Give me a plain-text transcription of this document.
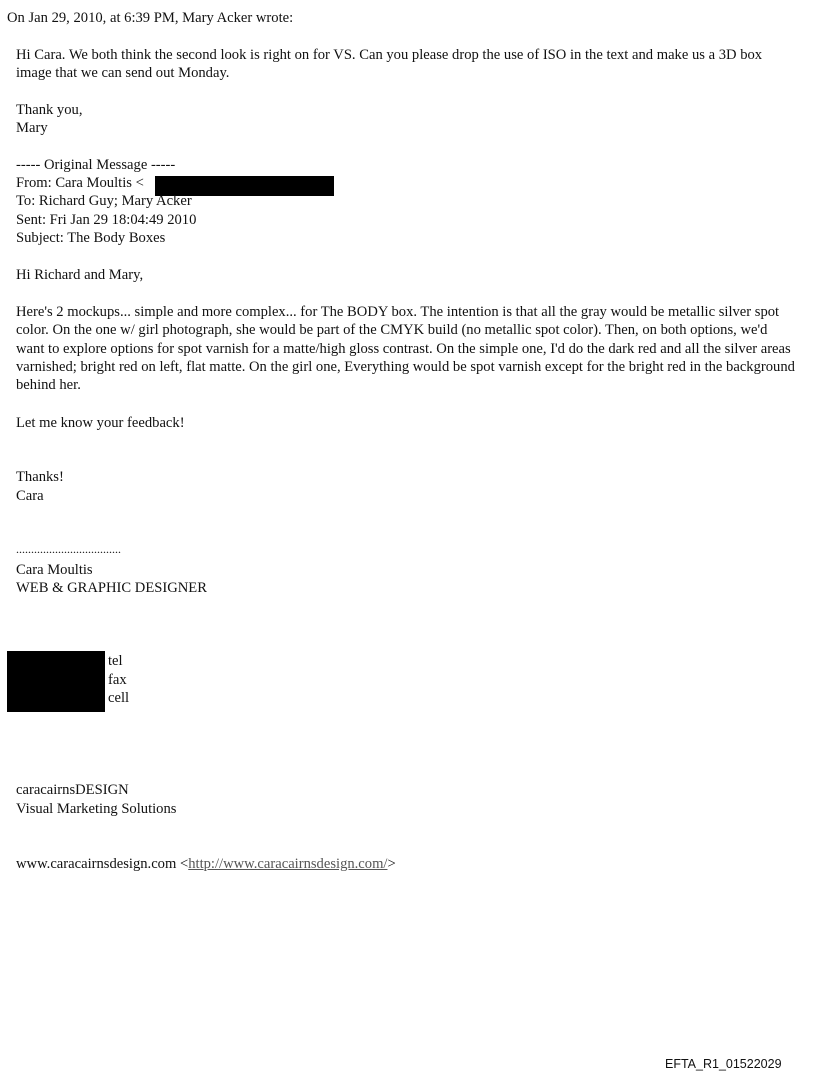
On Jan 29, 2010, at 6:39 PM, Mary Acker wrote:
Hi Cara. We both think the second look is right on for VS. Can you please drop the use of ISO in the text and make us a 3D box image that we can send out Monday.
Thank you,
Mary
----- Original Message -----
From: Cara Moultis <
To: Richard Guy; Mary Acker
Sent: Fri Jan 29 18:04:49 2010
Subject: The Body Boxes
Hi Richard and Mary,
Here's 2 mockups... simple and more complex... for The BODY box. The intention is that all the gray would be metallic silver spot color. On the one w/ girl photograph, she would be part of the CMYK build (no metallic spot color). Then, on both options, we'd want to explore options for spot varnish for a matte/high gloss contrast. On the simple one, I'd do the dark red and all the silver areas varnished; bright red on left, flat matte. On the girl one, Everything would be spot varnish except for the bright red in the background behind her.
Let me know your feedback!
Thanks!
Cara
...................................
Cara Moultis
WEB & GRAPHIC DESIGNER
tel
fax
cell
caracairnsDESIGN
Visual Marketing Solutions
www.caracairnsdesign.com <http://www.caracairnsdesign.com/>
EFTA_R1_01522029
